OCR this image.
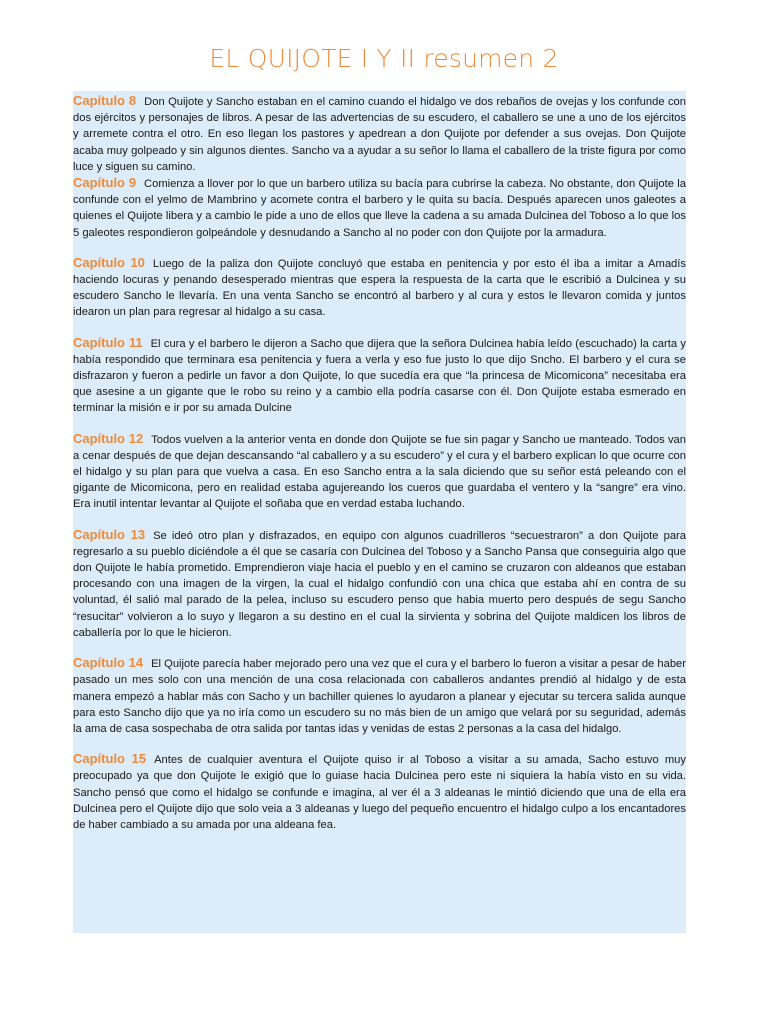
EL QUIJOTE I Y II resumen 2

Capítulo 8 Don Quijote y Sancho estaban en el camino cuando el hidalgo ve dos rebaños de ovejas y los confunde con dos ejércitos y personajes de libros. A pesar de las advertencias de su escudero, el caballero se une a uno de los ejércitos y arremete contra el otro. En eso llegan los pastores y apedrean a don Quijote por defender a sus ovejas. Don Quijote acaba muy golpeado y sin algunos dientes. Sancho va a ayudar a su señor lo llama el caballero de la triste figura por como luce y siguen su camino.

Capítulo 9 Comienza a llover por lo que un barbero utiliza su bacía para cubrirse la cabeza. No obstante, don Quijote la confunde con el yelmo de Mambrino y acomete contra el barbero y le quita su bacía. Después aparecen unos galeotes a quienes el Quijote libera y a cambio le pide a uno de ellos que lleve la cadena a su amada Dulcinea del Toboso a lo que los 5 galeotes respondieron golpeándole y desnudando a Sancho al no poder con don Quijote por la armadura.

Capítulo 10 Luego de la paliza don Quijote concluyó que estaba en penitencia y por esto él iba a imitar a Amadís haciendo locuras y penando desesperado mientras que espera la respuesta de la carta que le escribió a Dulcinea y su escudero Sancho le llevaría. En una venta Sancho se encontró al barbero y al cura y estos le llevaron comida y juntos idearon un plan para regresar al hidalgo a su casa.

Capítulo 11 El cura y el barbero le dijeron a Sacho que dijera que la señora Dulcinea había leído (escuchado) la carta y había respondido que terminara esa penitencia y fuera a verla y eso fue justo lo que dijo Sncho. El barbero y el cura se disfrazaron y fueron a pedirle un favor a don Quijote, lo que sucedía era que “la princesa de Micomicona” necesitaba era que asesine a un gigante que le robo su reino y a cambio ella podría casarse con él. Don Quijote estaba esmerado en terminar la misión e ir por su amada Dulcine

Capítulo 12 Todos vuelven a la anterior venta en donde don Quijote se fue sin pagar y Sancho ue manteado. Todos van a cenar después de que dejan descansando “al caballero y a su escudero” y el cura y el barbero explican lo que ocurre con el hidalgo y su plan para que vuelva a casa. En eso Sancho entra a la sala diciendo que su señor está peleando con el gigante de Micomicona, pero en realidad estaba agujereando los cueros que guardaba el ventero y la “sangre” era vino. Era inutil intentar levantar al Quijote el soñaba que en verdad estaba luchando.

Capítulo 13 Se ideó otro plan y disfrazados, en equipo con algunos cuadrilleros “secuestraron” a don Quijote para regresarlo a su pueblo diciéndole a él que se casaría con Dulcinea del Toboso y a Sancho Pansa que conseguiria algo que don Quijote le había prometido. Emprendieron viaje hacia el pueblo y en el camino se cruzaron con aldeanos que estaban procesando con una imagen de la virgen, la cual el hidalgo confundió con una chica que estaba ahí en contra de su voluntad, él salió mal parado de la pelea, incluso su escudero penso que habia muerto pero después de segu Sancho “resucitar” volvieron a lo suyo y llegaron a su destino en el cual la sirvienta y sobrina del Quijote maldicen los libros de caballería por lo que le hicieron.

Capítulo 14 El Quijote parecía haber mejorado pero una vez que el cura y el barbero lo fueron a visitar a pesar de haber pasado un mes solo con una mención de una cosa relacionada con caballeros andantes prendió al hidalgo y de esta manera empezó a hablar más con Sacho y un bachiller quienes lo ayudaron a planear y ejecutar su tercera salida aunque para esto Sancho dijo que ya no iría como un escudero su no más bien de un amigo que velará por su seguridad, además la ama de casa sospechaba de otra salida por tantas idas y venidas de estas 2 personas a la casa del hidalgo.

Capítulo 15 Antes de cualquier aventura el Quijote quiso ir al Toboso a visitar a su amada, Sacho estuvo muy preocupado ya que don Quijote le exigió que lo guiase hacia Dulcinea pero este ni siquiera la había visto en su vida. Sancho pensó que como el hidalgo se confunde e imagina, al ver él a 3 aldeanas le mintió diciendo que una de ella era Dulcinea pero el Quijote dijo que solo veia a 3 aldeanas y luego del pequeño encuentro el hidalgo culpo a los encantadores de haber cambiado a su amada por una aldeana fea.
